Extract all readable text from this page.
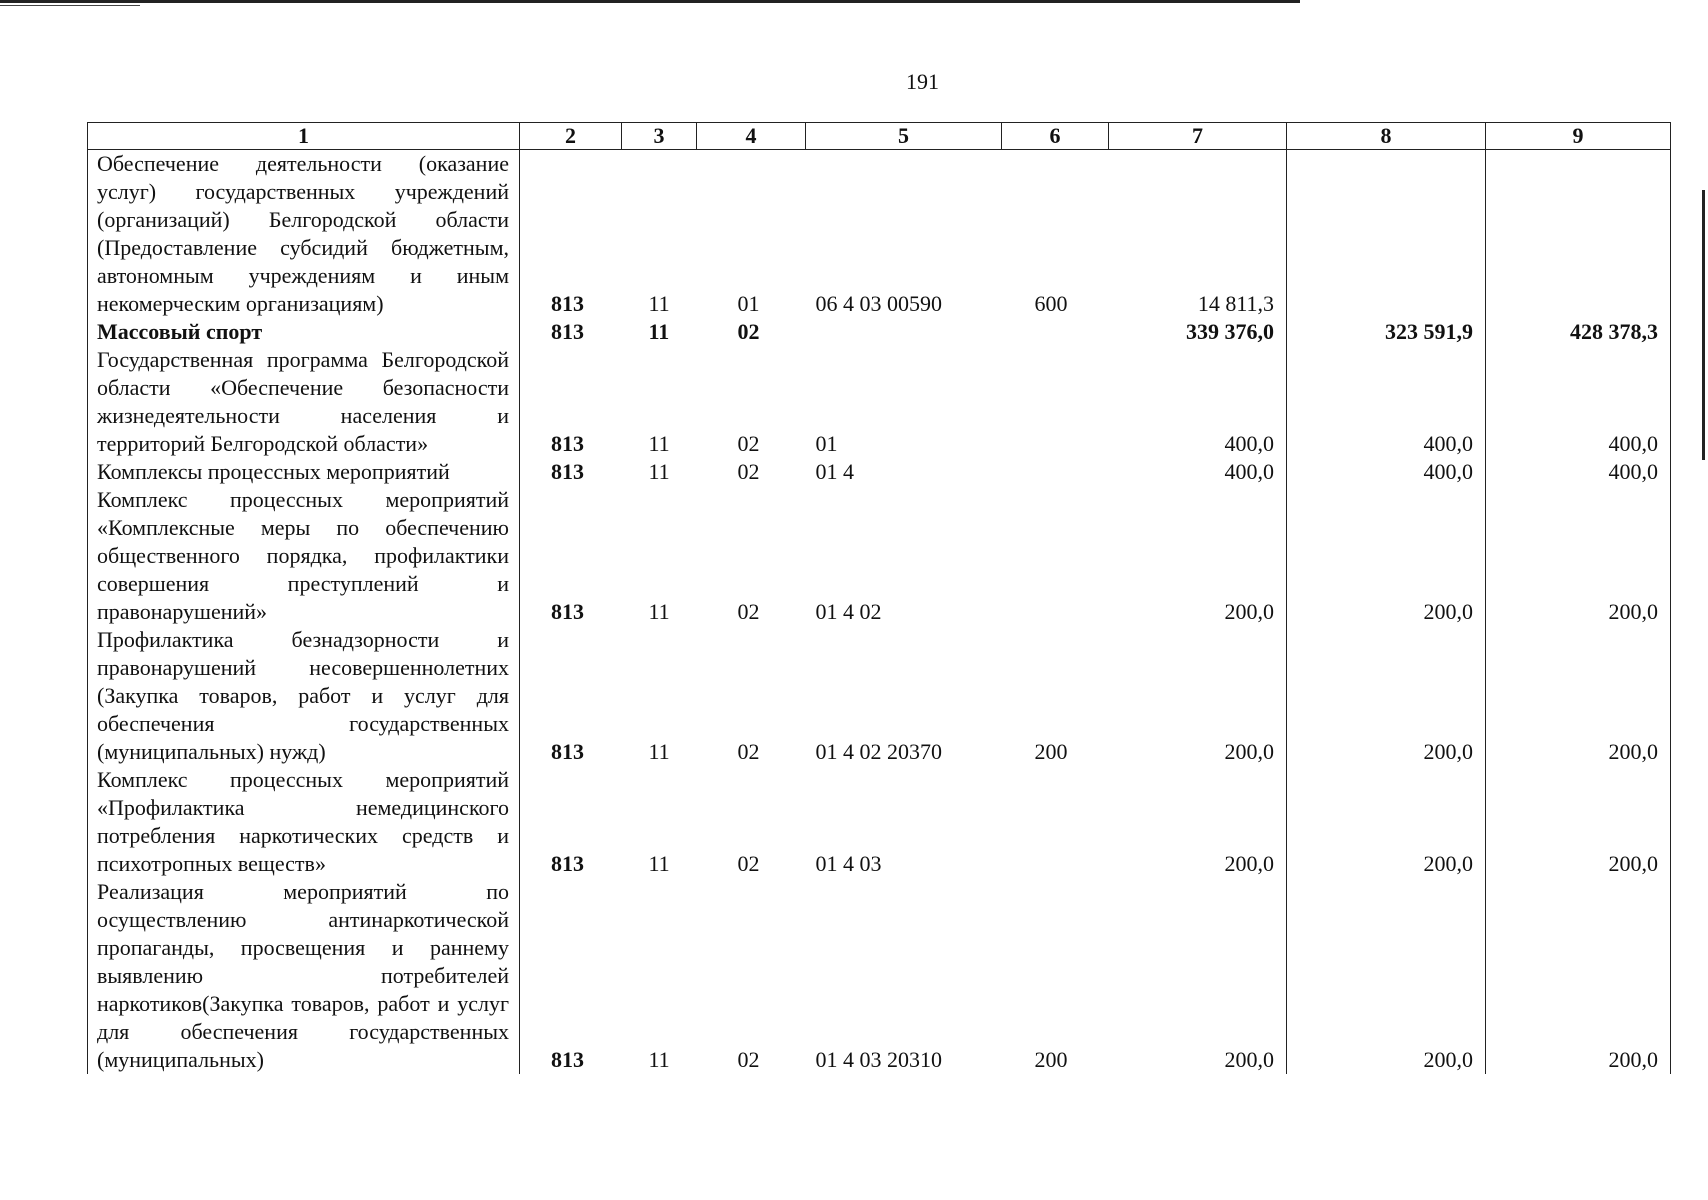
191
1	2	3	4	5	6	7	8	9
Обеспечение деятельности (оказание услуг) государственных учреждений (организаций) Белгородской области (Предоставление субсидий бюджетным, автономным учреждениям и иным некомерческим организациям)	813	11	01	06 4 03 00590	600	14 811,3		
Массовый спорт	813	11	02			339 376,0	323 591,9	428 378,3
Государственная программа Белгородской области «Обеспечение безопасности жизнедеятельности населения и территорий Белгородской области»	813	11	02	01		400,0	400,0	400,0
Комплексы процессных мероприятий	813	11	02	01 4		400,0	400,0	400,0
Комплекс процессных мероприятий «Комплексные меры по обеспечению общественного порядка, профилактики совершения преступлений и правонарушений»	813	11	02	01 4 02		200,0	200,0	200,0
Профилактика безнадзорности и правонарушений несовершеннолетних (Закупка товаров, работ и услуг для обеспечения государственных (муниципальных) нужд)	813	11	02	01 4 02 20370	200	200,0	200,0	200,0
Комплекс процессных мероприятий «Профилактика немедицинского потребления наркотических средств и психотропных веществ»	813	11	02	01 4 03		200,0	200,0	200,0
Реализация мероприятий по осуществлению антинаркотической пропаганды, просвещения и раннему выявлению потребителей наркотиков(Закупка товаров, работ и услуг для обеспечения государственных (муниципальных)	813	11	02	01 4 03 20310	200	200,0	200,0	200,0
